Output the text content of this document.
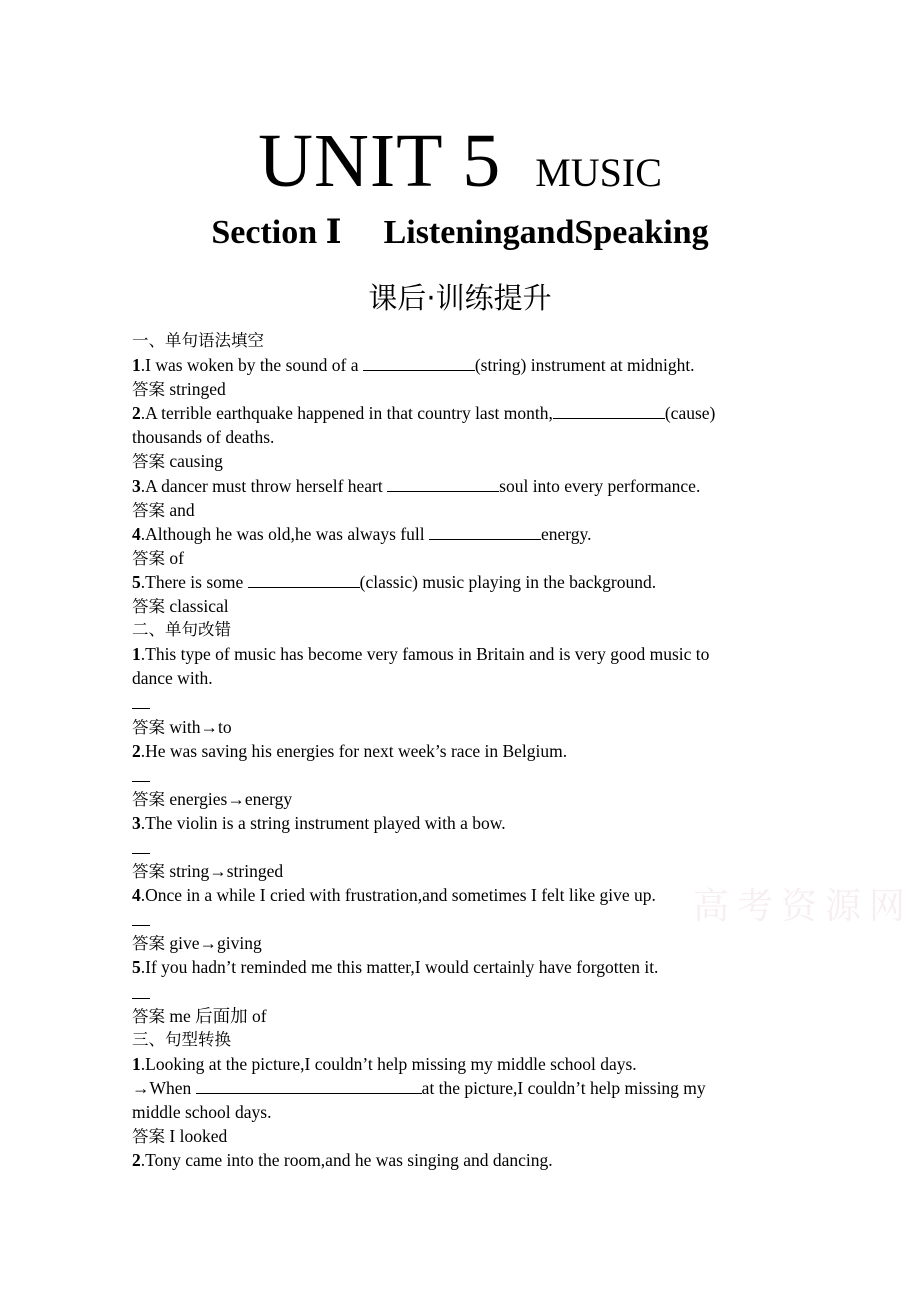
UNIT 5 MUSIC
Section Ⅰ ListeningandSpeaking
课后·训练提升
高考资源网
一、单句语法填空
1.I was woken by the sound of a	(string) instrument at midnight.
答案 stringed
2.A terrible earthquake happened in that country last month,	(cause)
thousands of deaths.
答案 causing
3.A dancer must throw herself heart	soul into every performance.
答案 and
4.Although he was old,he was always full	energy.
答案 of
5.There is some	(classic) music playing in the background.
答案 classical
二、单句改错
1.This type of music has become very famous in Britain and is very good music to
dance with.
答案 with→to
2.He was saving his energies for next week’s race in Belgium.
答案 energies→energy
3.The violin is a string instrument played with a bow.
答案 string→stringed
4.Once in a while I cried with frustration,and sometimes I felt like give up.
答案 give→giving
5.If you hadn’t reminded me this matter,I would certainly have forgotten it.
答案 me 后面加 of
三、句型转换
1.Looking at the picture,I couldn’t help missing my middle school days.
→When	at the picture,I couldn’t help missing my
middle school days.
答案 I looked
2.Tony came into the room,and he was singing and dancing.
